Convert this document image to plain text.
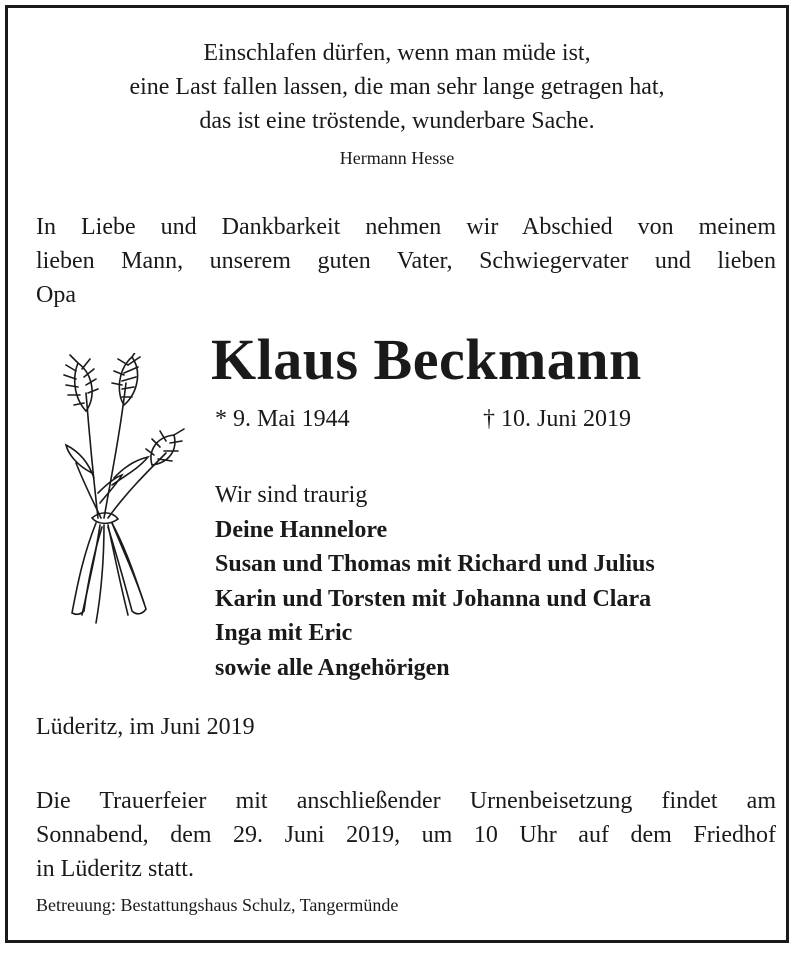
Einschlafen dürfen, wenn man müde ist,
eine Last fallen lassen, die man sehr lange getragen hat,
das ist eine tröstende, wunderbare Sache.
Hermann Hesse
In Liebe und Dankbarkeit nehmen wir Abschied von meinem
lieben Mann, unserem guten Vater, Schwiegervater und lieben
Opa
Klaus Beckmann
* 9. Mai 1944	† 10. Juni 2019
Wir sind traurig
Deine Hannelore
Susan und Thomas mit Richard und Julius
Karin und Torsten mit Johanna und Clara
Inga mit Eric
sowie alle Angehörigen
Lüderitz, im Juni 2019
Die Trauerfeier mit anschließender Urnenbeisetzung findet am
Sonnabend, dem 29. Juni 2019, um 10 Uhr auf dem Friedhof
in Lüderitz statt.
Betreuung: Bestattungshaus Schulz, Tangermünde
